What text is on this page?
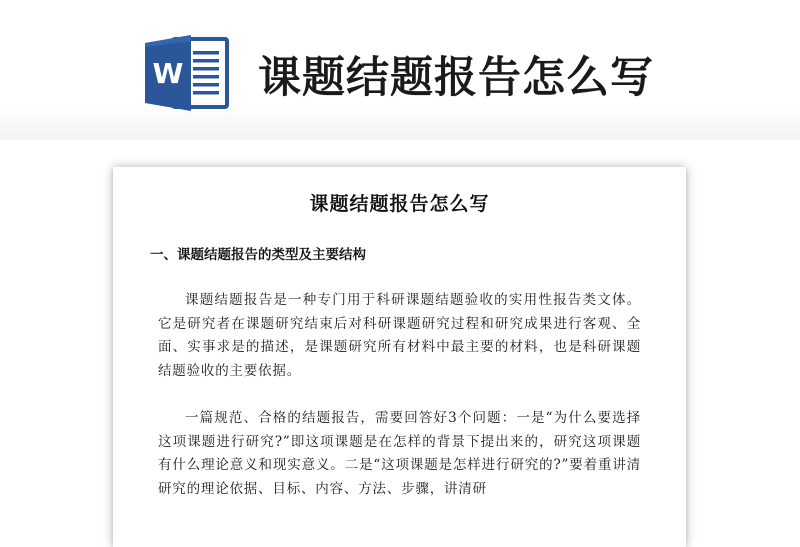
W 课题结题报告怎么写
课题结题报告怎么写
一、课题结题报告的类型及主要结构

课题结题报告是一种专门用于科研课题结题验收的实用性报告类文体。它是研究者在课题研究结束后对科研课题研究过程和研究成果进行客观、全面、实事求是的描述，是课题研究所有材料中最主要的材料，也是科研课题结题验收的主要依据。

一篇规范、合格的结题报告，需要回答好3个问题：一是“为什么要选择这项课题进行研究?”即这项课题是在怎样的背景下提出来的，研究这项课题有什么理论意义和现实意义。二是“这项课题是怎样进行研究的?”要着重讲清研究的理论依据、目标、内容、方法、步骤，讲清研
